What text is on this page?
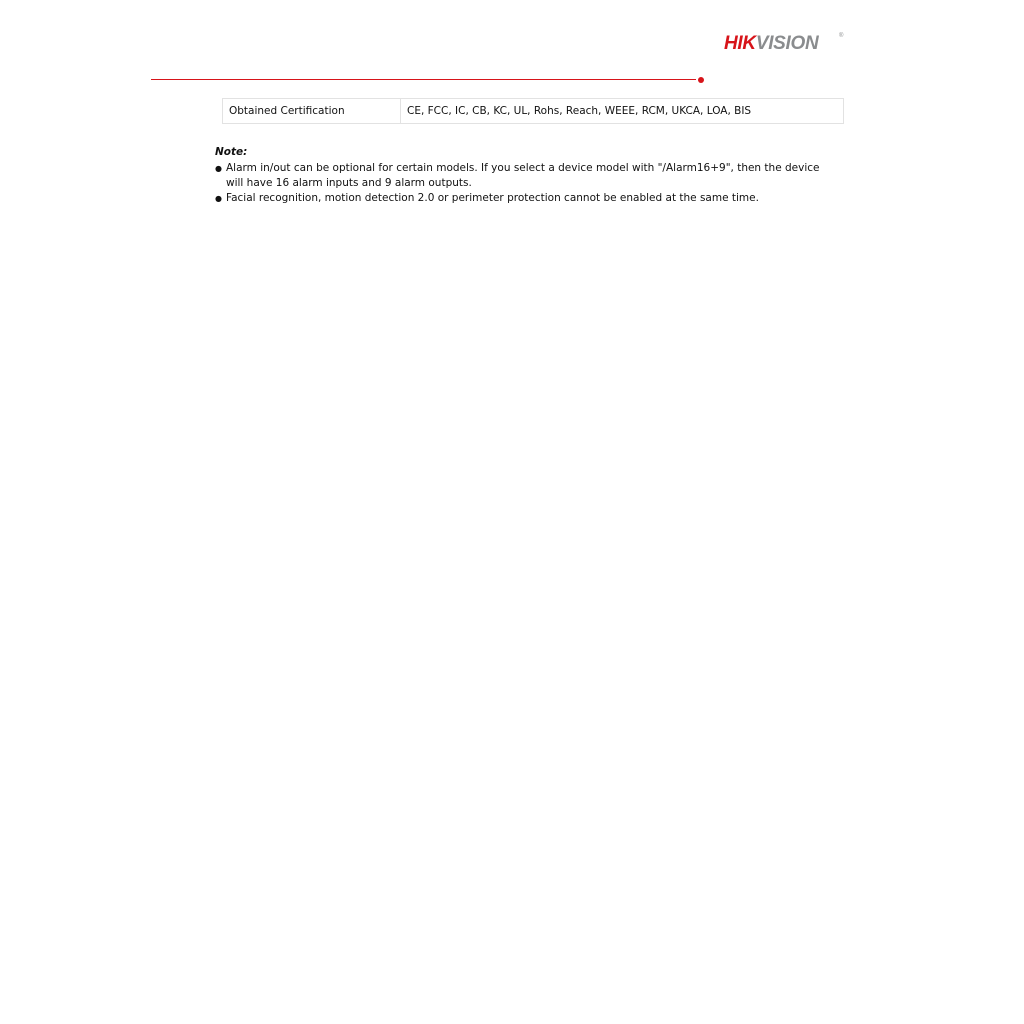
HIKVISION	®
Obtained Certification	CE, FCC, IC, CB, KC, UL, Rohs, Reach, WEEE, RCM, UKCA, LOA, BIS
Note:
● Alarm in/out can be optional for certain models. If you select a device model with "/Alarm16+9", then the device will have 16 alarm inputs and 9 alarm outputs.
● Facial recognition, motion detection 2.0 or perimeter protection cannot be enabled at the same time.
